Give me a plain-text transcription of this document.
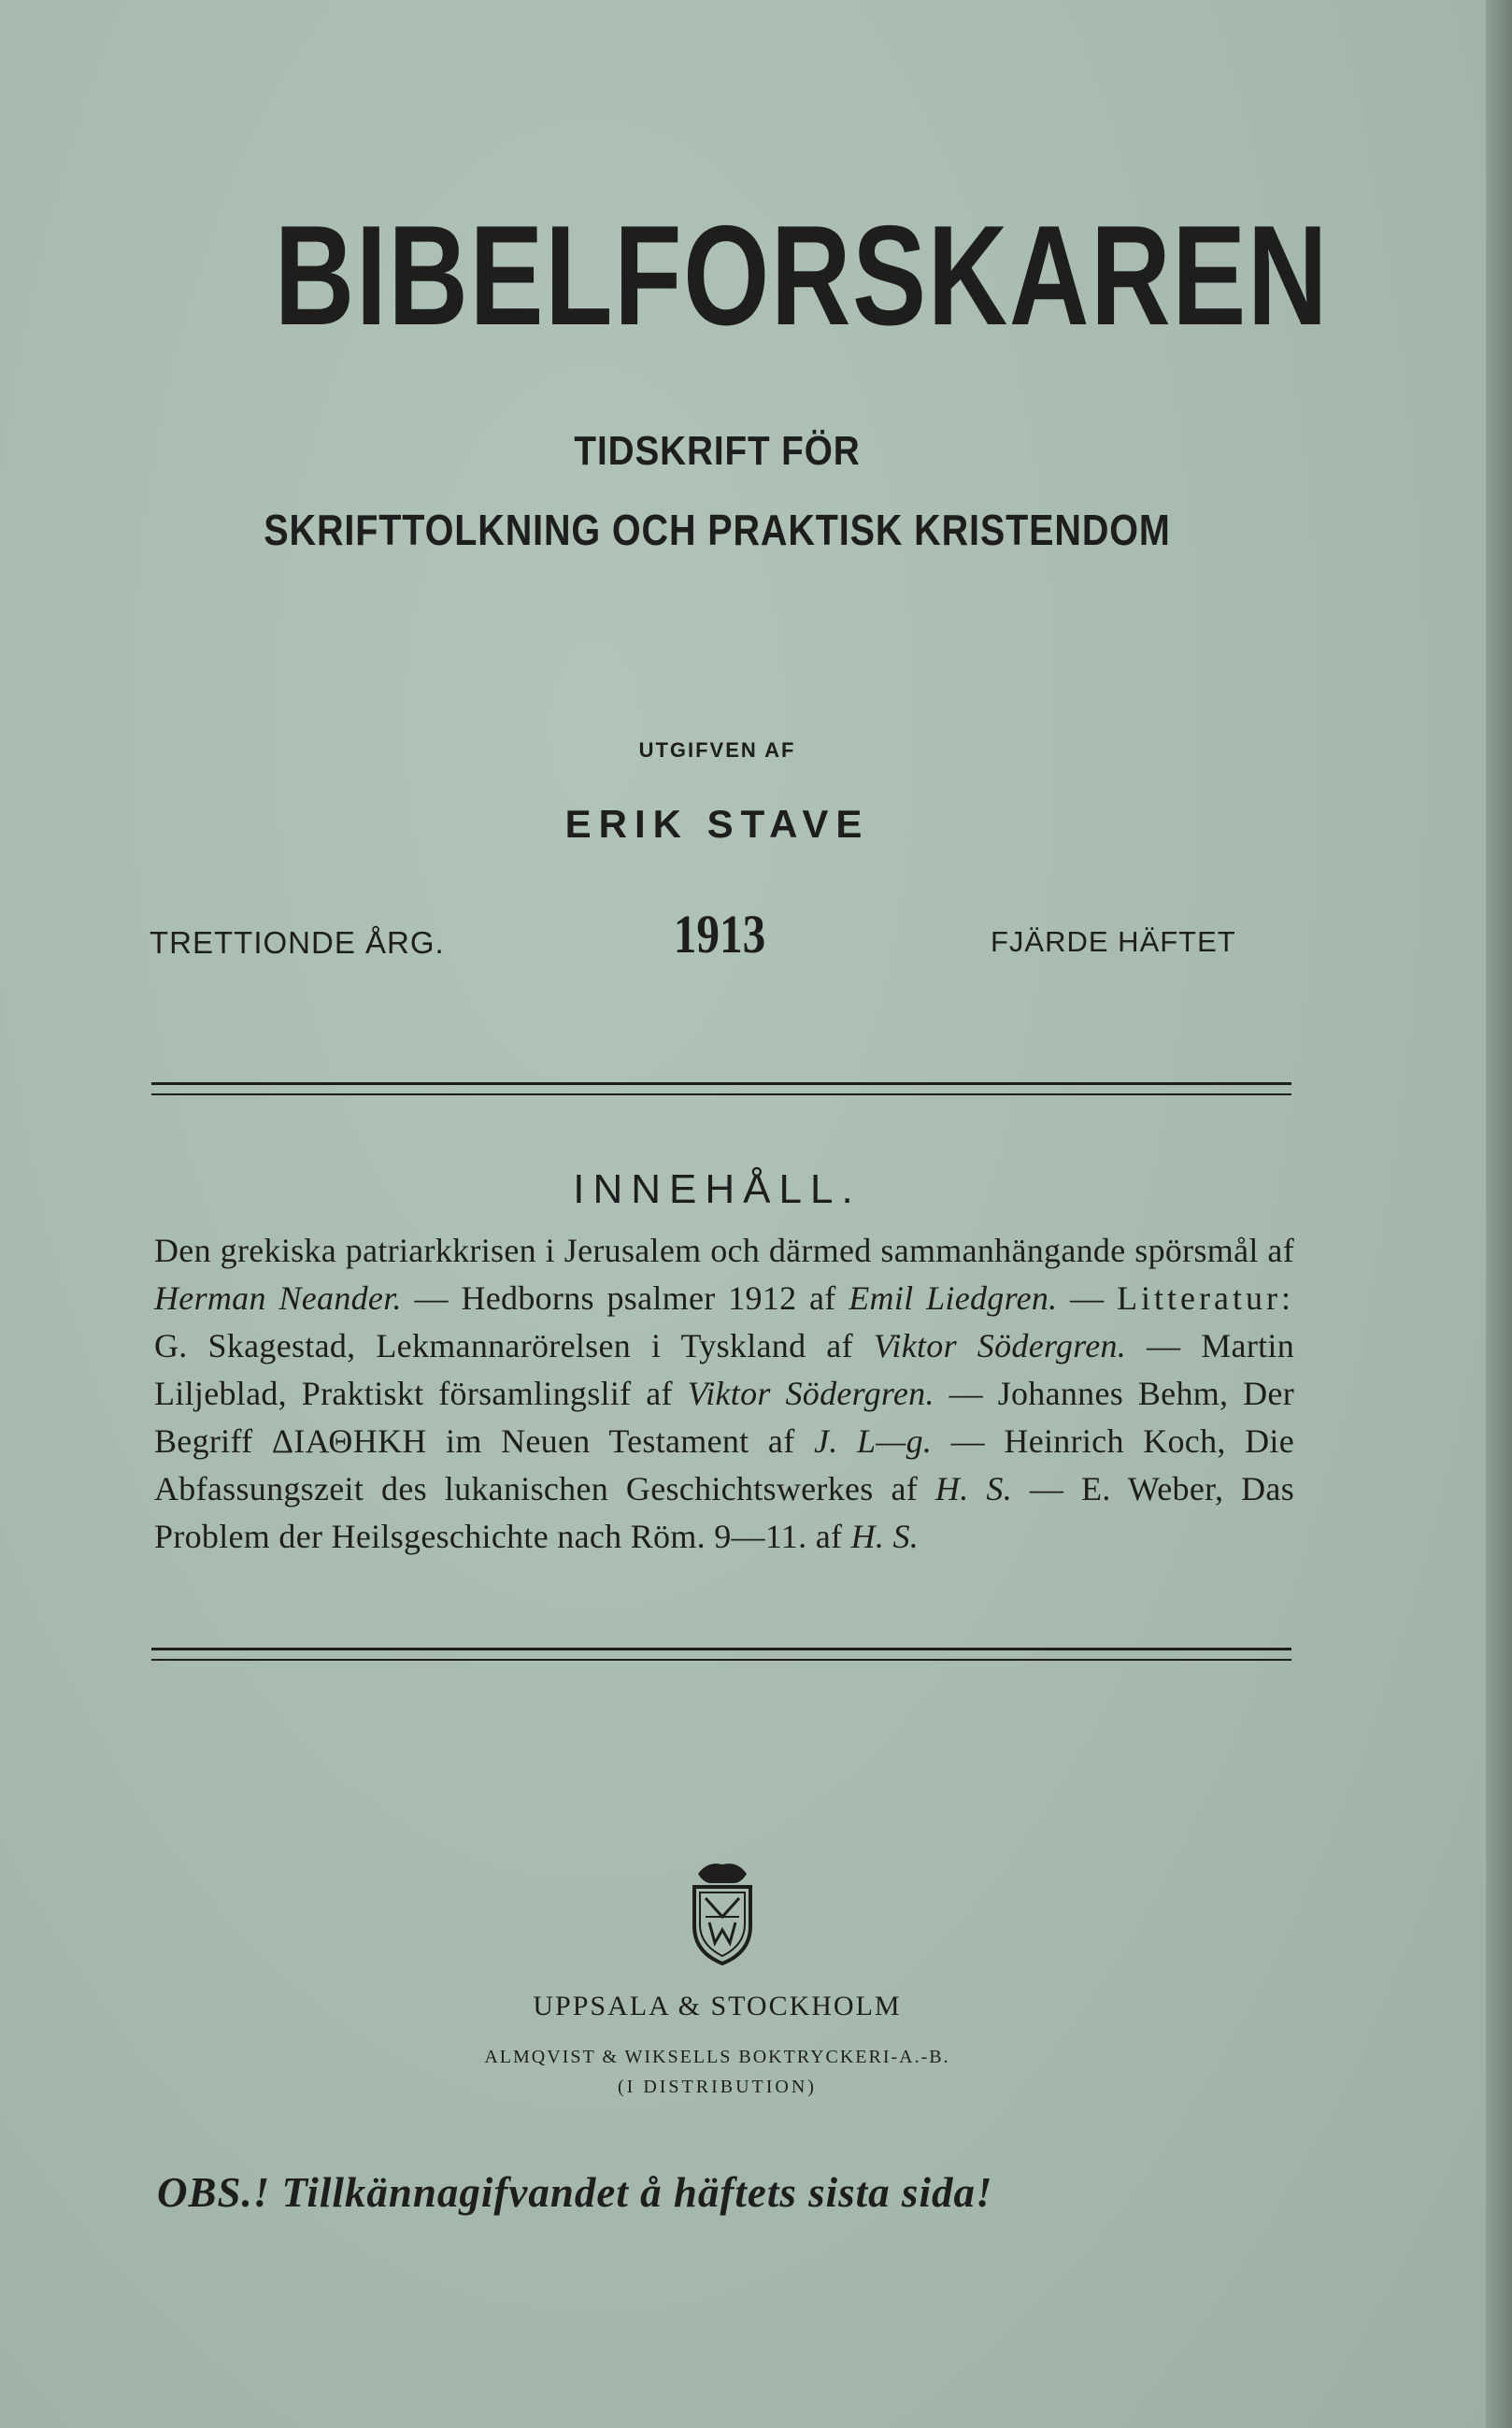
BIBELFORSKAREN
TIDSKRIFT FÖR
SKRIFTTOLKNING OCH PRAKTISK KRISTENDOM
UTGIFVEN AF
ERIK STAVE
TRETTIONDE ÅRG.	1913	FJÄRDE HÄFTET
INNEHÅLL.
Den grekiska patriarkkrisen i Jerusalem och därmed sammanhängande spörsmål af Herman Neander. — Hedborns psalmer 1912 af Emil Liedgren. — Litteratur: G. Skagestad, Lekmannarörelsen i Tyskland af Viktor Södergren. — Martin Liljeblad, Praktiskt församlingslif af Viktor Södergren. — Johannes Behm, Der Begriff ΔΙΑΘΗΚΗ im Neuen Testament af J. L—g. — Heinrich Koch, Die Abfassungszeit des lukanischen Geschichtswerkes af H. S. — E. Weber, Das Problem der Heilsgeschichte nach Röm. 9—11. af H. S.
UPPSALA & STOCKHOLM
ALMQVIST & WIKSELLS BOKTRYCKERI-A.-B.
(I DISTRIBUTION)
OBS.! Tillkännagifvandet å häftets sista sida!
